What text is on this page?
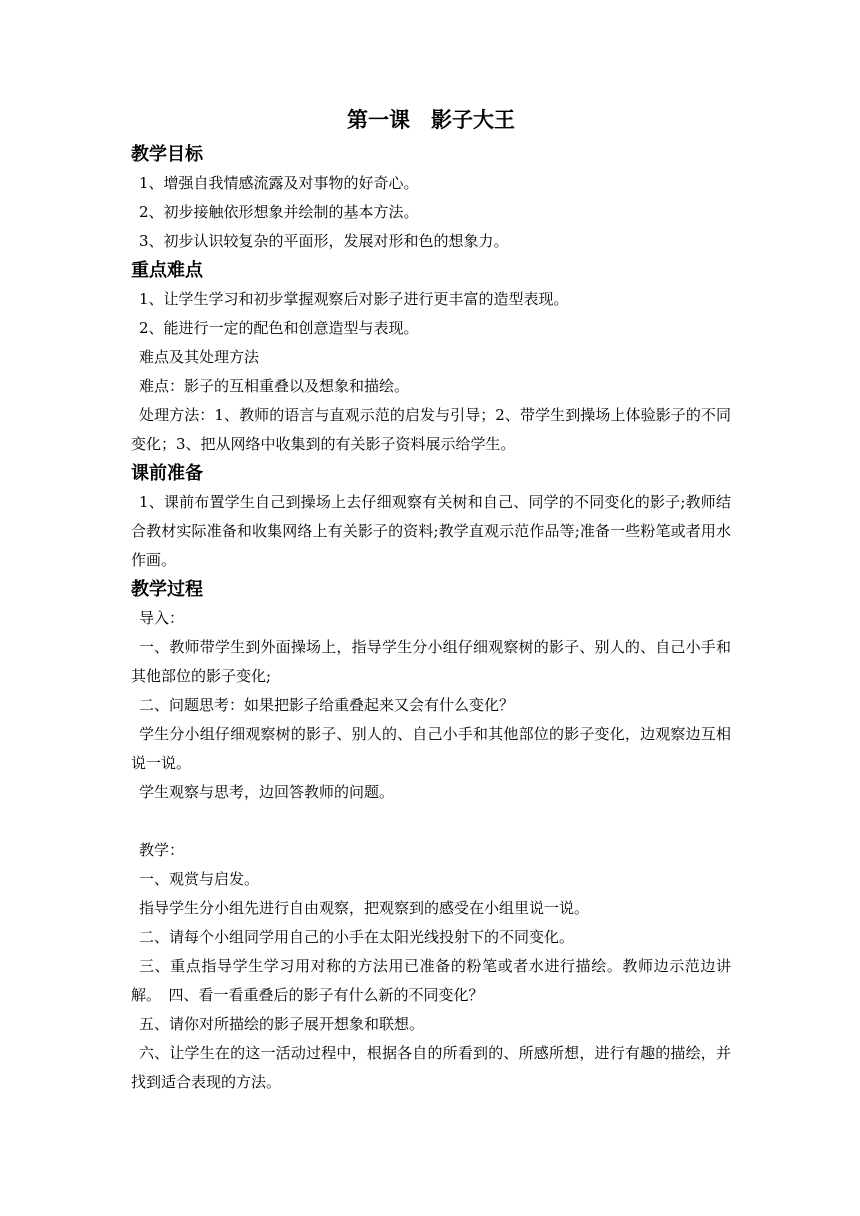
第一课　影子大王
教学目标

1、增强自我情感流露及对事物的好奇心。

2、初步接触依形想象并绘制的基本方法。

3、初步认识较复杂的平面形，发展对形和色的想象力。

重点难点

1、让学生学习和初步掌握观察后对影子进行更丰富的造型表现。

2、能进行一定的配色和创意造型与表现。

难点及其处理方法

难点：影子的互相重叠以及想象和描绘。

处理方法：1、教师的语言与直观示范的启发与引导；2、带学生到操场上体验影子的不同变化；3、把从网络中收集到的有关影子资料展示给学生。

课前准备

1、课前布置学生自己到操场上去仔细观察有关树和自己、同学的不同变化的影子;教师结合教材实际准备和收集网络上有关影子的资料;教学直观示范作品等;准备一些粉笔或者用水作画。

教学过程

导入：

一、教师带学生到外面操场上，指导学生分小组仔细观察树的影子、别人的、自己小手和其他部位的影子变化;

二、问题思考：如果把影子给重叠起来又会有什么变化？

学生分小组仔细观察树的影子、别人的、自己小手和其他部位的影子变化，边观察边互相说一说。

学生观察与思考，边回答教师的问题。

教学：

一、观赏与启发。

指导学生分小组先进行自由观察，把观察到的感受在小组里说一说。

二、请每个小组同学用自己的小手在太阳光线投射下的不同变化。

三、重点指导学生学习用对称的方法用已准备的粉笔或者水进行描绘。教师边示范边讲解。　四、看一看重叠后的影子有什么新的不同变化？

五、请你对所描绘的影子展开想象和联想。

六、让学生在的这一活动过程中，根据各自的所看到的、所感所想，进行有趣的描绘，并找到适合表现的方法。
